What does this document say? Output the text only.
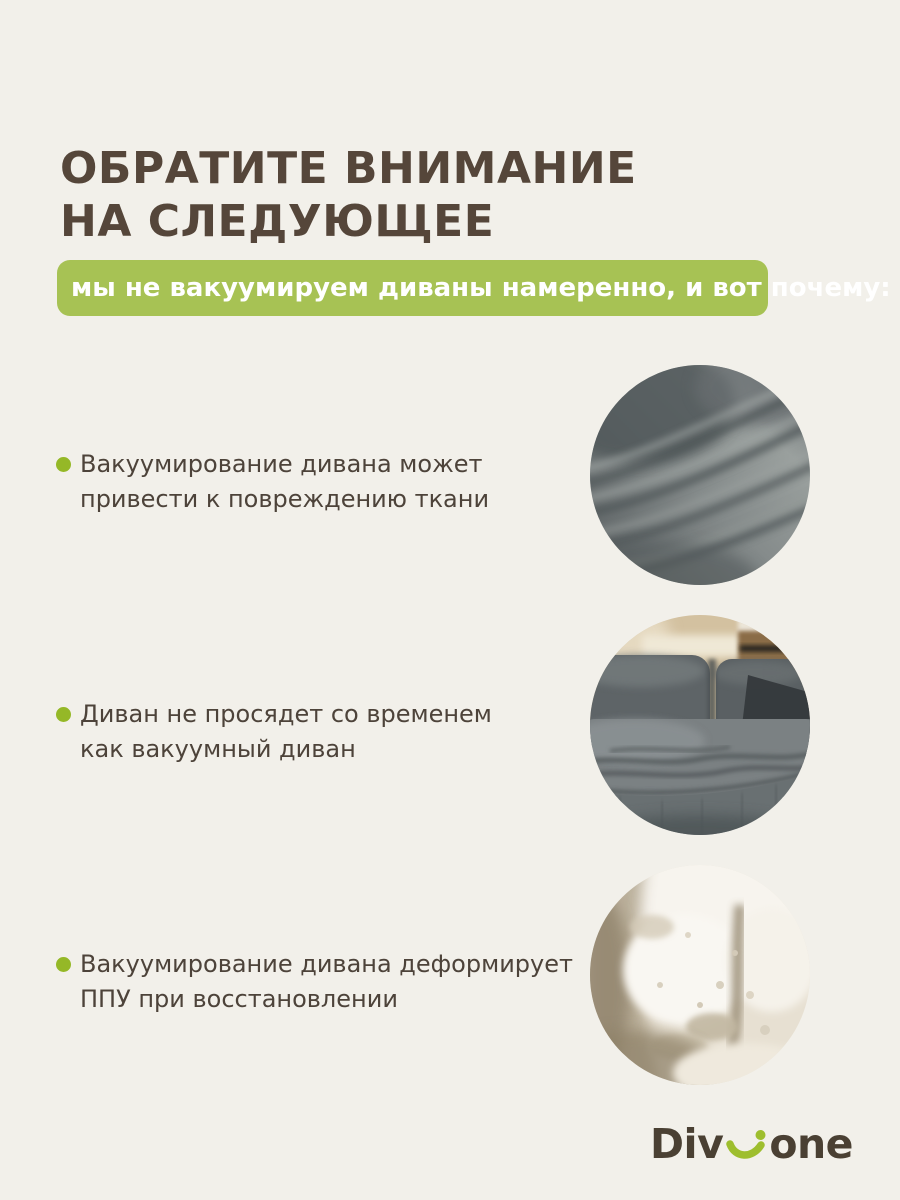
ОБРАТИТЕ ВНИМАНИЕ
НА СЛЕДУЮЩЕЕ
мы не вакуумируем диваны намеренно, и вот почему:

Вакуумирование дивана может
привести к повреждению ткани

Диван не просядет со временем
как вакуумный диван

Вакуумирование дивана деформирует
ППУ при восстановлении

Div one
